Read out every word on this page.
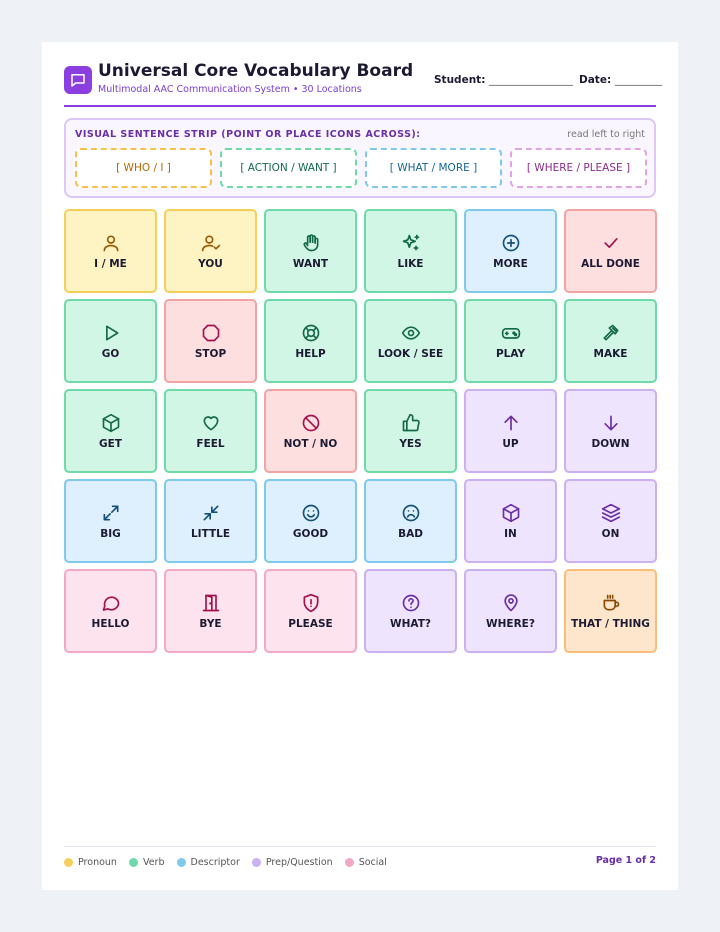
Universal Core Vocabulary Board
Multimodal AAC Communication System • 30 Locations
Student: ________________ Date: _________
VISUAL SENTENCE STRIP (POINT OR PLACE ICONS ACROSS):	read left to right
[ WHO / I ]	[ ACTION / WANT ]	[ WHAT / MORE ]	[ WHERE / PLEASE ]
I / ME	YOU	WANT	LIKE	MORE	ALL DONE
GO	STOP	HELP	LOOK / SEE	PLAY	MAKE
GET	FEEL	NOT / NO	YES	UP	DOWN
BIG	LITTLE	GOOD	BAD	IN	ON
HELLO	BYE	PLEASE	WHAT?	WHERE?	THAT / THING
Pronoun	Verb	Descriptor	Prep/Question	Social	Page 1 of 2
